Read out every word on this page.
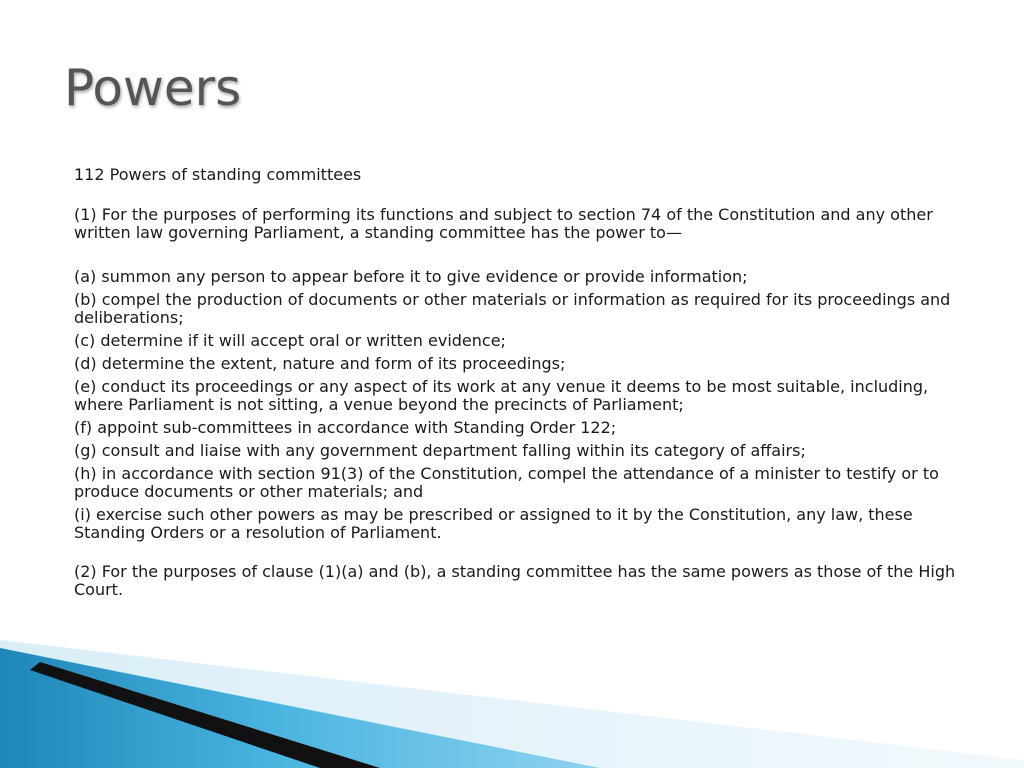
Powers

112 Powers of standing committees

(1) For the purposes of performing its functions and subject to section 74 of the Constitution and any other written law governing Parliament, a standing committee has the power to—

(a) summon any person to appear before it to give evidence or provide information;
(b) compel the production of documents or other materials or information as required for its proceedings and deliberations;
(c) determine if it will accept oral or written evidence;
(d) determine the extent, nature and form of its proceedings;
(e) conduct its proceedings or any aspect of its work at any venue it deems to be most suitable, including, where Parliament is not sitting, a venue beyond the precincts of Parliament;
(f) appoint sub-committees in accordance with Standing Order 122;
(g) consult and liaise with any government department falling within its category of affairs;
(h) in accordance with section 91(3) of the Constitution, compel the attendance of a minister to testify or to produce documents or other materials; and
(i) exercise such other powers as may be prescribed or assigned to it by the Constitution, any law, these Standing Orders or a resolution of Parliament.

(2) For the purposes of clause (1)(a) and (b), a standing committee has the same powers as those of the High Court.
